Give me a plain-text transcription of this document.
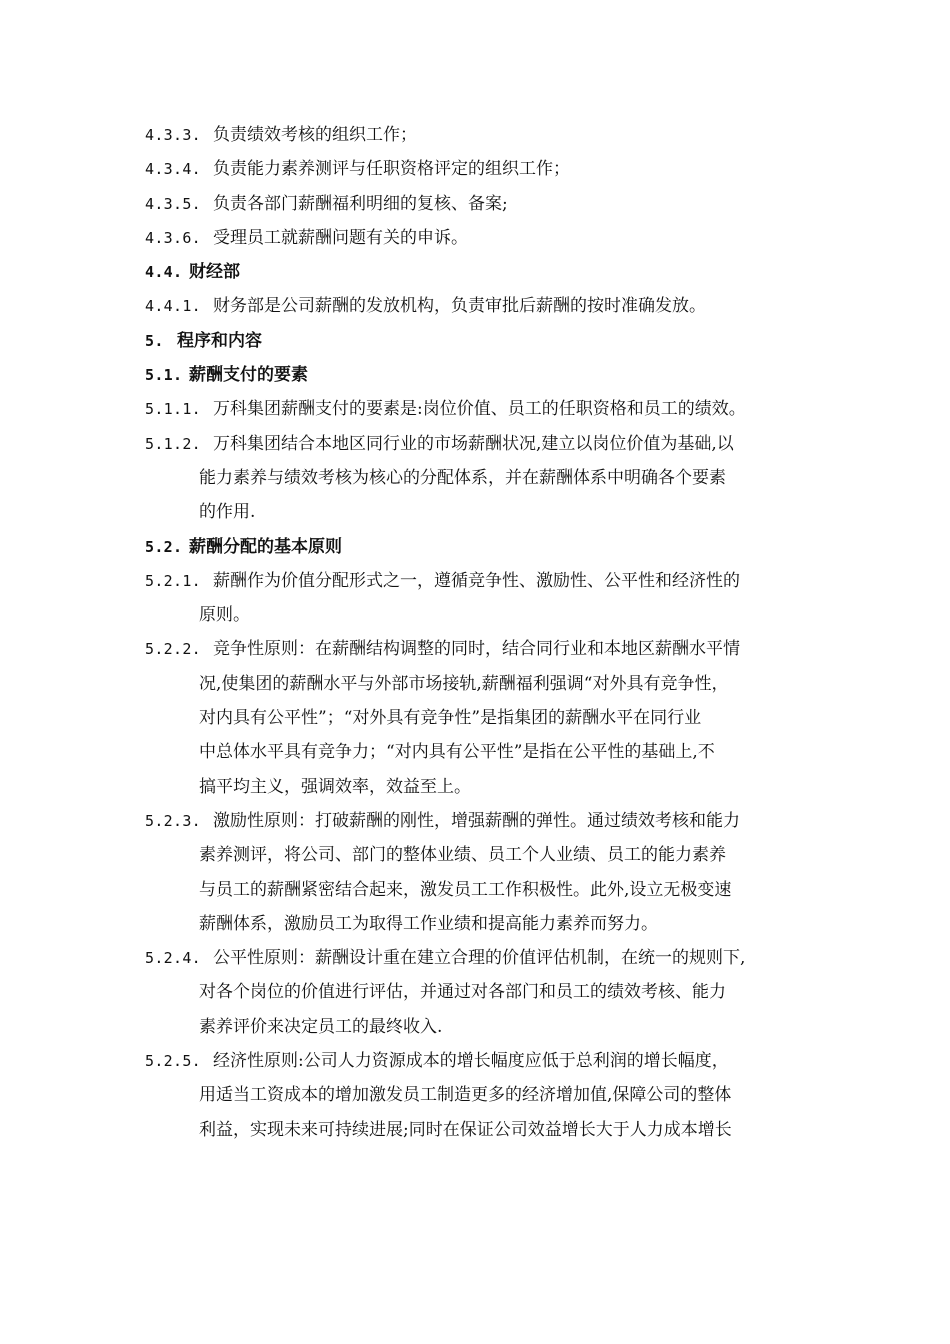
4.3.3. 负责绩效考核的组织工作；
4.3.4. 负责能力素养测评与任职资格评定的组织工作；
4.3.5. 负责各部门薪酬福利明细的复核、备案;
4.3.6. 受理员工就薪酬问题有关的申诉。
4.4. 财经部
4.4.1. 财务部是公司薪酬的发放机构，负责审批后薪酬的按时准确发放。
5. 程序和内容
5.1. 薪酬支付的要素
5.1.1. 万科集团薪酬支付的要素是:岗位价值、员工的任职资格和员工的绩效。
5.1.2. 万科集团结合本地区同行业的市场薪酬状况,建立以岗位价值为基础,以
能力素养与绩效考核为核心的分配体系，并在薪酬体系中明确各个要素
的作用.
5.2. 薪酬分配的基本原则
5.2.1. 薪酬作为价值分配形式之一，遵循竞争性、激励性、公平性和经济性的
原则。
5.2.2. 竞争性原则：在薪酬结构调整的同时，结合同行业和本地区薪酬水平情
况,使集团的薪酬水平与外部市场接轨,薪酬福利强调“对外具有竞争性，
对内具有公平性”；“对外具有竞争性”是指集团的薪酬水平在同行业
中总体水平具有竞争力；“对内具有公平性”是指在公平性的基础上,不
搞平均主义，强调效率，效益至上。
5.2.3. 激励性原则：打破薪酬的刚性，增强薪酬的弹性。通过绩效考核和能力
素养测评，将公司、部门的整体业绩、员工个人业绩、员工的能力素养
与员工的薪酬紧密结合起来，激发员工工作积极性。此外,设立无极变速
薪酬体系，激励员工为取得工作业绩和提高能力素养而努力。
5.2.4. 公平性原则：薪酬设计重在建立合理的价值评估机制，在统一的规则下,
对各个岗位的价值进行评估，并通过对各部门和员工的绩效考核、能力
素养评价来决定员工的最终收入.
5.2.5. 经济性原则:公司人力资源成本的增长幅度应低于总利润的增长幅度，
用适当工资成本的增加激发员工制造更多的经济增加值,保障公司的整体
利益，实现未来可持续进展;同时在保证公司效益增长大于人力成本增长
